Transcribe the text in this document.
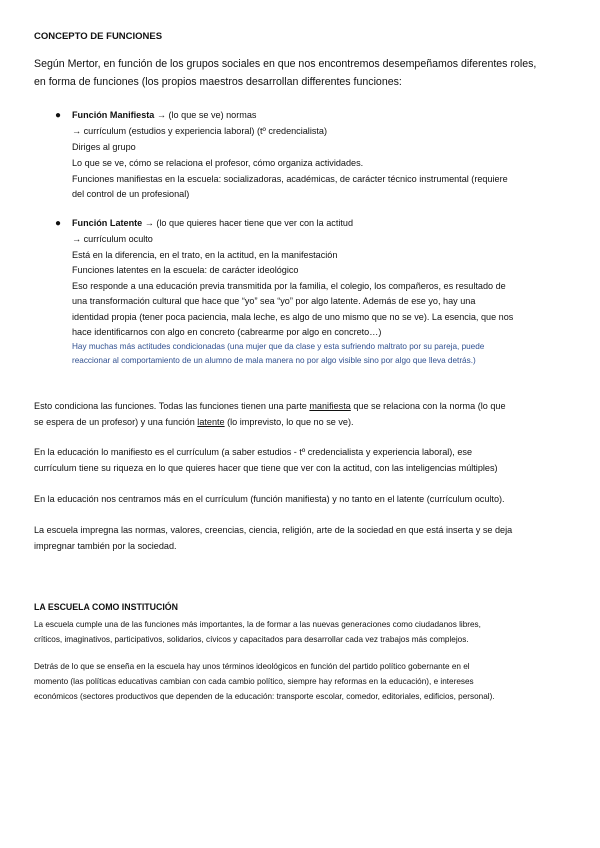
CONCEPTO DE FUNCIONES
Según Mertor, en función de los grupos sociales en que nos encontremos desempeñamos diferentes roles,
en forma de funciones (los propios maestros desarrollan differentes funciones:
● Función Manifiesta → (lo que se ve) normas
→ currículum (estudios y experiencia laboral) (tº credencialista)
Diriges al grupo
Lo que se ve, cómo se relaciona el profesor, cómo organiza actividades.
Funciones manifiestas en la escuela: socializadoras, académicas, de carácter técnico instrumental (requiere
del control de un profesional)
● Función Latente → (lo que quieres hacer tiene que ver con la actitud
→ currículum oculto
Está en la diferencia, en el trato, en la actitud, en la manifestación
Funciones latentes en la escuela: de carácter ideológico
Eso responde a una educación previa transmitida por la familia, el colegio, los compañeros, es resultado de
una transformación cultural que hace que “yo” sea “yo” por algo latente. Además de ese yo, hay una
identidad propia (tener poca paciencia, mala leche, es algo de uno mismo que no se ve). La esencia, que nos
hace identificarnos con algo en concreto (cabrearme por algo en concreto…)
Hay muchas más actitudes condicionadas (una mujer que da clase y esta sufriendo maltrato por su pareja, puede
reaccionar al comportamiento de un alumno de mala manera no por algo visible sino por algo que lleva detrás.)
Esto condiciona las funciones. Todas las funciones tienen una parte manifiesta que se relaciona con la norma (lo que
se espera de un profesor) y una función latente (lo imprevisto, lo que no se ve).
En la educación lo manifiesto es el currículum (a saber estudios - tº credencialista y experiencia laboral), ese
currículum tiene su riqueza en lo que quieres hacer que tiene que ver con la actitud, con las inteligencias múltiples)
En la educación nos centramos más en el currículum (función manifiesta) y no tanto en el latente (currículum oculto).
La escuela impregna las normas, valores, creencias, ciencia, religión, arte de la sociedad en que está inserta y se deja
impregnar también por la sociedad.
LA ESCUELA COMO INSTITUCIÓN
La escuela cumple una de las funciones más importantes, la de formar a las nuevas generaciones como ciudadanos libres,
críticos, imaginativos, participativos, solidarios, cívicos y capacitados para desarrollar cada vez trabajos más complejos.
Detrás de lo que se enseña en la escuela hay unos términos ideológicos en función del partido político gobernante en el
momento (las políticas educativas cambian con cada cambio político, siempre hay reformas en la educación), e intereses
económicos (sectores productivos que dependen de la educación: transporte escolar, comedor, editoriales, edificios, personal).
